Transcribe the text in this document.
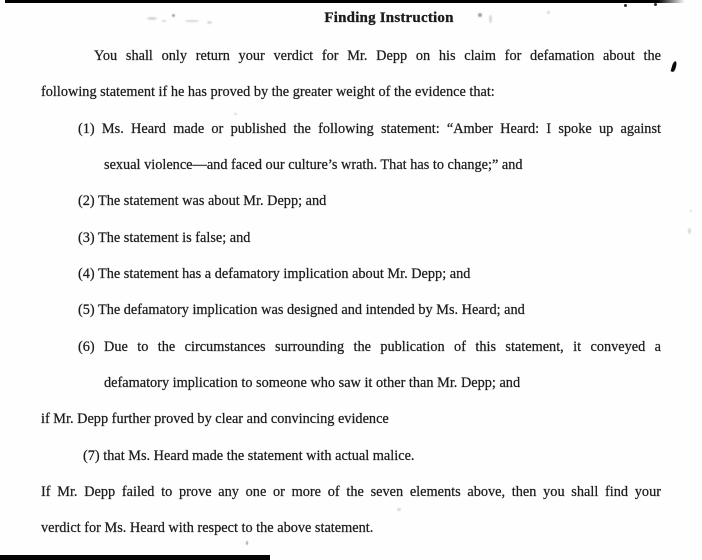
Finding Instruction
You shall only return your verdict for Mr. Depp on his claim for defamation about the
following statement if he has proved by the greater weight of the evidence that:
(1) Ms. Heard made or published the following statement: “Amber Heard: I spoke up against
sexual violence—and faced our culture’s wrath. That has to change;” and
(2) The statement was about Mr. Depp; and
(3) The statement is false; and
(4) The statement has a defamatory implication about Mr. Depp; and
(5) The defamatory implication was designed and intended by Ms. Heard; and
(6) Due to the circumstances surrounding the publication of this statement, it conveyed a
defamatory implication to someone who saw it other than Mr. Depp; and
if Mr. Depp further proved by clear and convincing evidence
(7) that Ms. Heard made the statement with actual malice.
If Mr. Depp failed to prove any one or more of the seven elements above, then you shall find your
verdict for Ms. Heard with respect to the above statement.
